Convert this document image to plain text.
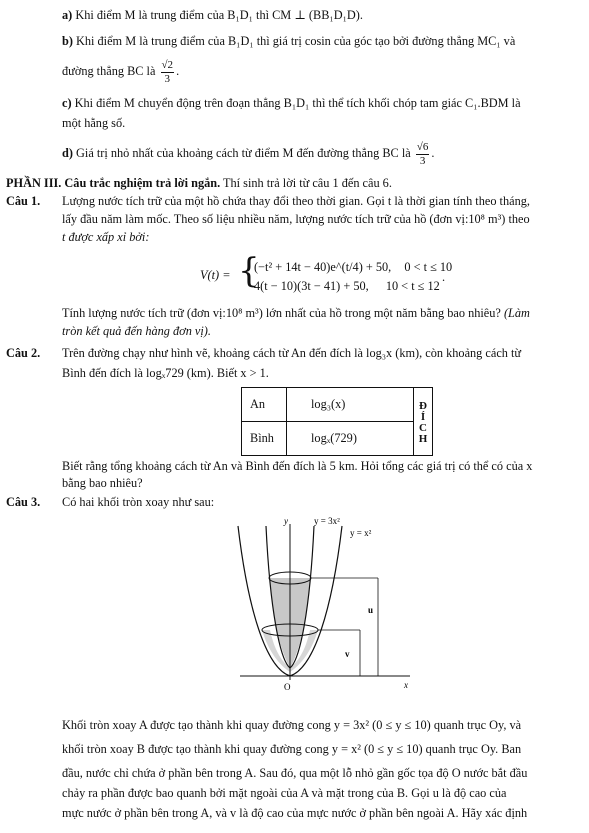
a) Khi điểm M là trung điểm của B₁D₁ thì CM ⊥ (BB₁D₁D).
b) Khi điểm M là trung điểm của B₁D₁ thì giá trị cosin của góc tạo bởi đường thẳng MC₁ và
đường thẳng BC là $\frac{√2}{3}$ .
c) Khi điểm M chuyển động trên đoạn thẳng B₁D₁ thì thể tích khối chóp tam giác C₁.BDM là
một hằng số.
d) Giá trị nhỏ nhất của khoảng cách từ điểm M đến đường thẳng BC là $\frac{√6}{3}$ .
PHẦN III. Câu trắc nghiệm trả lời ngắn. Thí sinh trả lời từ câu 1 đến câu 6.
Câu 1. Lượng nước tích trữ của một hồ chứa thay đổi theo thời gian. Gọi t là thời gian tính theo tháng,
lấy đầu năm làm mốc. Theo số liệu nhiều năm, lượng nước tích trữ của hồ (đơn vị:10⁸ m³) theo
t được xấp xỉ bởi:
V(t) = {
(−t² + 14t − 40)e^(t/4) + 50, 0 < t ≤ 10
4(t − 10)(3t − 41) + 50, 10 < t ≤ 12
.
Tính lượng nước tích trữ (đơn vị:10⁸ m³) lớn nhất của hồ trong một năm bằng bao nhiêu? (Làm
tròn kết quả đến hàng đơn vị).
Câu 2. Trên đường chạy như hình vẽ, khoảng cách từ An đến đích là log₃x (km), còn khoảng cách từ
Bình đến đích là logₓ729 (km). Biết x > 1.
An	log₃(x)	ĐÍCH

Bình	logₓ(729)	
Biết rằng tổng khoảng cách từ An và Bình đến đích là 5 km. Hỏi tổng các giá trị có thể có của x
bằng bao nhiêu?
Câu 3. Có hai khối tròn xoay như sau:
y
x
O
y = 3x²
y = x²
u
v
Khối tròn xoay A được tạo thành khi quay đường cong y = 3x² (0 ≤ y ≤ 10) quanh trục Oy, và
khối tròn xoay B được tạo thành khi quay đường cong y = x² (0 ≤ y ≤ 10) quanh trục Oy. Ban
đầu, nước chỉ chứa ở phần bên trong A. Sau đó, qua một lỗ nhỏ gần gốc tọa độ O nước bắt đầu
chảy ra phần được bao quanh bởi mặt ngoài của A và mặt trong của B. Gọi u là độ cao của
mực nước ở phần bên trong A, và v là độ cao của mực nước ở phần bên ngoài A. Hãy xác định
